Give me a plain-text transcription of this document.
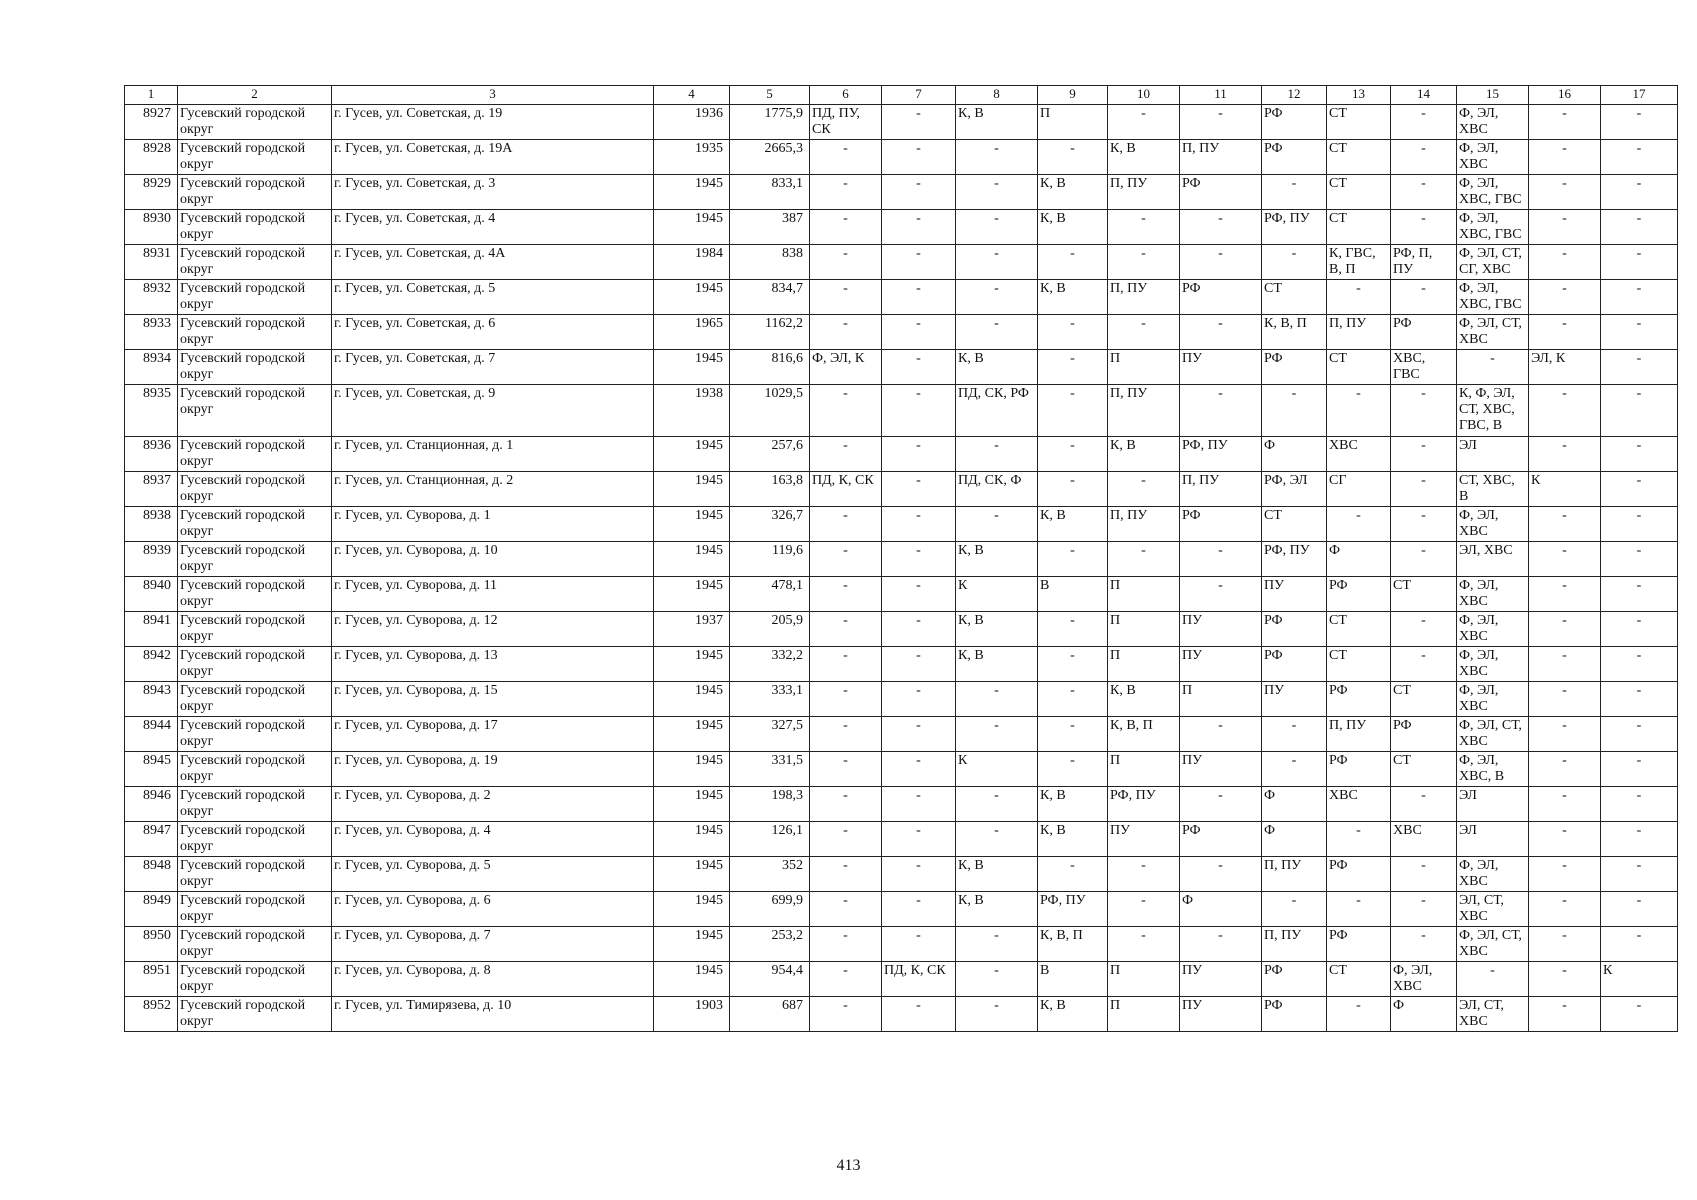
1	2	3	4	5	6	7	8	9	10	11	12	13	14	15	16	17
8927	Гусевский городской округ	г. Гусев, ул. Советская, д. 19	1936	1775,9	ПД, ПУ, СК	-	К, В	П	-	-	РФ	СТ	-	Ф, ЭЛ, ХВС	-	-
8928	Гусевский городской округ	г. Гусев, ул. Советская, д. 19А	1935	2665,3	-	-	-	-	К, В	П, ПУ	РФ	СТ	-	Ф, ЭЛ, ХВС	-	-
8929	Гусевский городской округ	г. Гусев, ул. Советская, д. 3	1945	833,1	-	-	-	К, В	П, ПУ	РФ	-	СТ	-	Ф, ЭЛ, ХВС, ГВС	-	-
8930	Гусевский городской округ	г. Гусев, ул. Советская, д. 4	1945	387	-	-	-	К, В	-	-	РФ, ПУ	СТ	-	Ф, ЭЛ, ХВС, ГВС	-	-
8931	Гусевский городской округ	г. Гусев, ул. Советская, д. 4А	1984	838	-	-	-	-	-	-	-	К, ГВС, В, П	РФ, П, ПУ	Ф, ЭЛ, СТ, СГ, ХВС	-	-
8932	Гусевский городской округ	г. Гусев, ул. Советская, д. 5	1945	834,7	-	-	-	К, В	П, ПУ	РФ	СТ	-	-	Ф, ЭЛ, ХВС, ГВС	-	-
8933	Гусевский городской округ	г. Гусев, ул. Советская, д. 6	1965	1162,2	-	-	-	-	-	-	К, В, П	П, ПУ	РФ	Ф, ЭЛ, СТ, ХВС	-	-
8934	Гусевский городской округ	г. Гусев, ул. Советская, д. 7	1945	816,6	Ф, ЭЛ, К	-	К, В	-	П	ПУ	РФ	СТ	ХВС, ГВС	-	ЭЛ, К	-
8935	Гусевский городской округ	г. Гусев, ул. Советская, д. 9	1938	1029,5	-	-	ПД, СК, РФ	-	П, ПУ	-	-	-	-	К, Ф, ЭЛ, СТ, ХВС, ГВС, В	-	-
8936	Гусевский городской округ	г. Гусев, ул. Станционная, д. 1	1945	257,6	-	-	-	-	К, В	РФ, ПУ	Ф	ХВС	-	ЭЛ	-	-
8937	Гусевский городской округ	г. Гусев, ул. Станционная, д. 2	1945	163,8	ПД, К, СК	-	ПД, СК, Ф	-	-	П, ПУ	РФ, ЭЛ	СГ	-	СТ, ХВС, В	К	-
8938	Гусевский городской округ	г. Гусев, ул. Суворова, д. 1	1945	326,7	-	-	-	К, В	П, ПУ	РФ	СТ	-	-	Ф, ЭЛ, ХВС	-	-
8939	Гусевский городской округ	г. Гусев, ул. Суворова, д. 10	1945	119,6	-	-	К, В	-	-	-	РФ, ПУ	Ф	-	ЭЛ, ХВС	-	-
8940	Гусевский городской округ	г. Гусев, ул. Суворова, д. 11	1945	478,1	-	-	К	В	П	-	ПУ	РФ	СТ	Ф, ЭЛ, ХВС	-	-
8941	Гусевский городской округ	г. Гусев, ул. Суворова, д. 12	1937	205,9	-	-	К, В	-	П	ПУ	РФ	СТ	-	Ф, ЭЛ, ХВС	-	-
8942	Гусевский городской округ	г. Гусев, ул. Суворова, д. 13	1945	332,2	-	-	К, В	-	П	ПУ	РФ	СТ	-	Ф, ЭЛ, ХВС	-	-
8943	Гусевский городской округ	г. Гусев, ул. Суворова, д. 15	1945	333,1	-	-	-	-	К, В	П	ПУ	РФ	СТ	Ф, ЭЛ, ХВС	-	-
8944	Гусевский городской округ	г. Гусев, ул. Суворова, д. 17	1945	327,5	-	-	-	-	К, В, П	-	-	П, ПУ	РФ	Ф, ЭЛ, СТ, ХВС	-	-
8945	Гусевский городской округ	г. Гусев, ул. Суворова, д. 19	1945	331,5	-	-	К	-	П	ПУ	-	РФ	СТ	Ф, ЭЛ, ХВС, В	-	-
8946	Гусевский городской округ	г. Гусев, ул. Суворова, д. 2	1945	198,3	-	-	-	К, В	РФ, ПУ	-	Ф	ХВС	-	ЭЛ	-	-
8947	Гусевский городской округ	г. Гусев, ул. Суворова, д. 4	1945	126,1	-	-	-	К, В	ПУ	РФ	Ф	-	ХВС	ЭЛ	-	-
8948	Гусевский городской округ	г. Гусев, ул. Суворова, д. 5	1945	352	-	-	К, В	-	-	-	П, ПУ	РФ	-	Ф, ЭЛ, ХВС	-	-
8949	Гусевский городской округ	г. Гусев, ул. Суворова, д. 6	1945	699,9	-	-	К, В	РФ, ПУ	-	Ф	-	-	-	ЭЛ, СТ, ХВС	-	-
8950	Гусевский городской округ	г. Гусев, ул. Суворова, д. 7	1945	253,2	-	-	-	К, В, П	-	-	П, ПУ	РФ	-	Ф, ЭЛ, СТ, ХВС	-	-
8951	Гусевский городской округ	г. Гусев, ул. Суворова, д. 8	1945	954,4	-	ПД, К, СК	-	В	П	ПУ	РФ	СТ	Ф, ЭЛ, ХВС	-	-	К
8952	Гусевский городской округ	г. Гусев, ул. Тимирязева, д. 10	1903	687	-	-	-	К, В	П	ПУ	РФ	-	Ф	ЭЛ, СТ, ХВС	-	-
413
